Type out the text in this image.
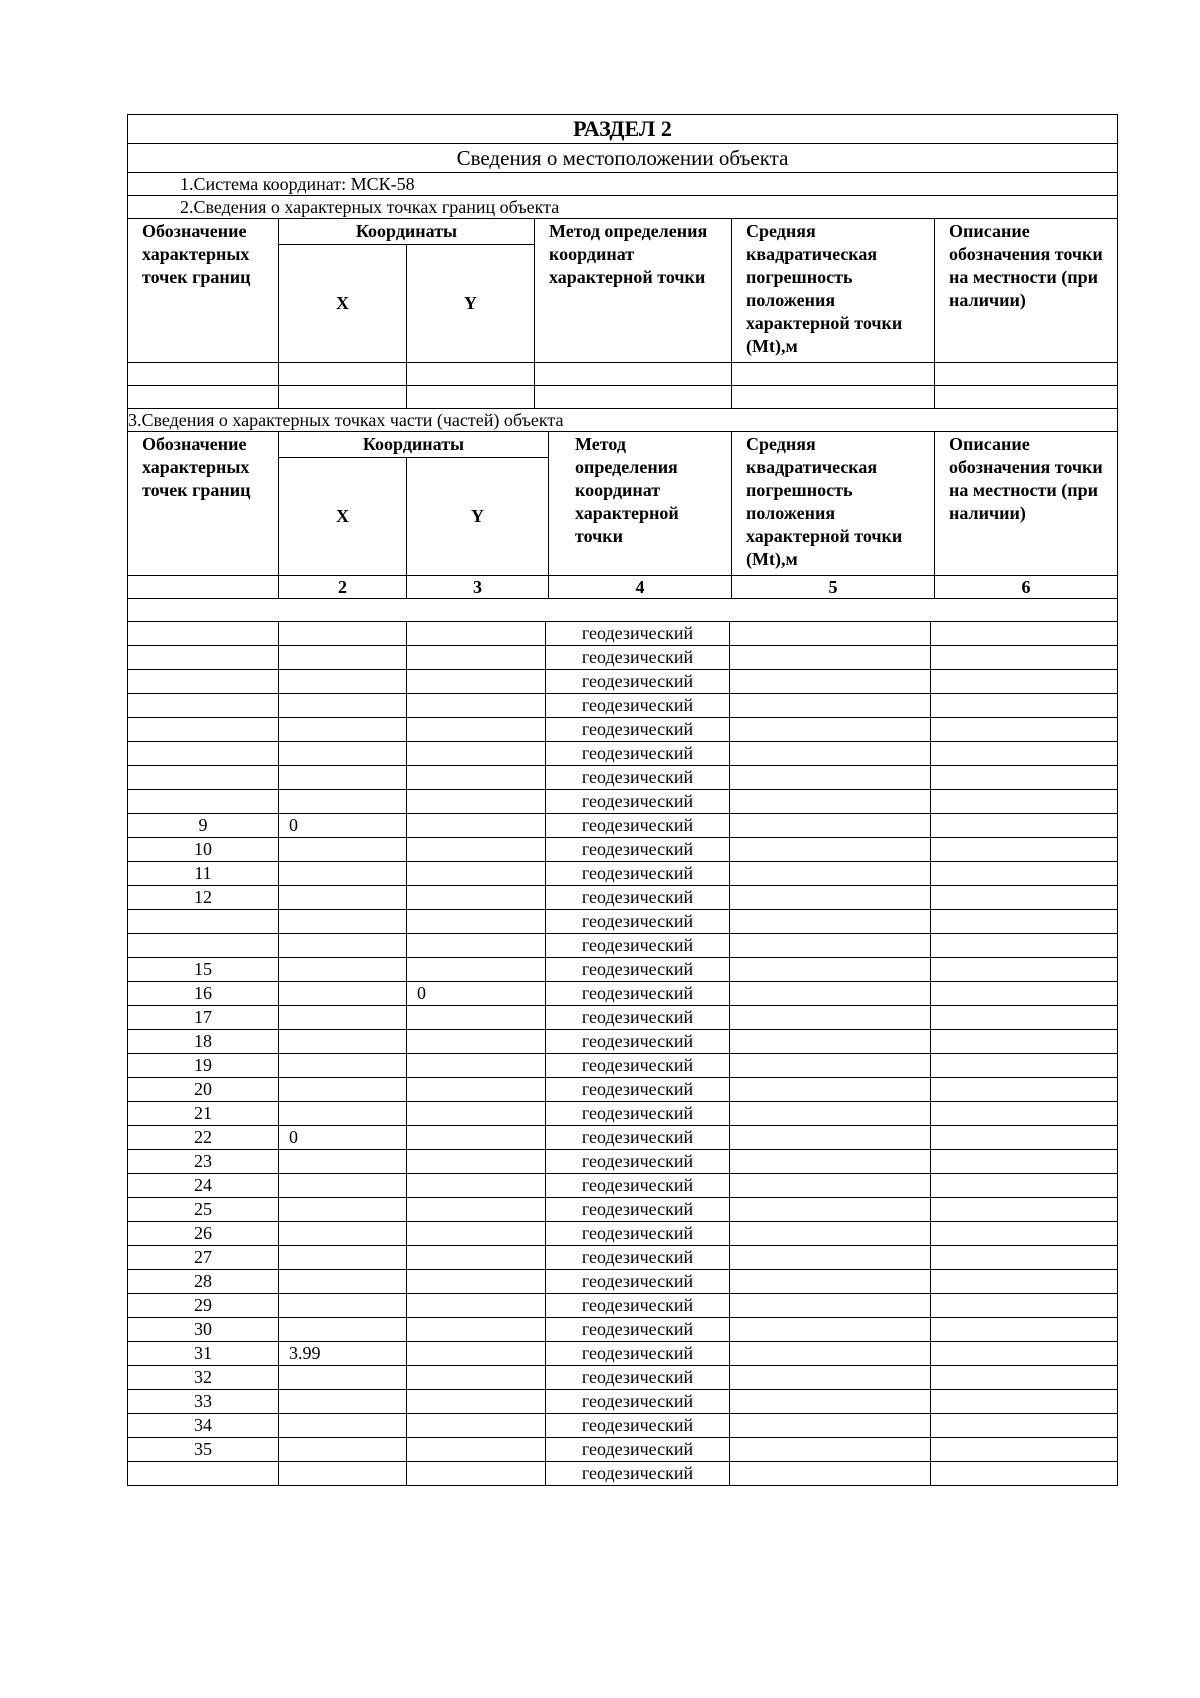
РАЗДЕЛ 2					
Сведения о местоположении объекта					
1.Система координат: МСК-58					
2.Сведения о характерных точках границ объекта					
Обозначение характерных точек границ	Координаты		Метод определения координат характерной точки	Средняя квадратическая погрешность положения характерной точки (Mt),м	Описание обозначения точки на местности (при наличии)
	X	Y			

3.Сведения о характерных точках части (частей) объекта					
Обозначение характерных точек границ	Координаты		Метод определения координат характерной точки	Средняя квадратическая погрешность положения характерной точки (Mt),м	Описание обозначения точки на местности (при наличии)
	X	Y			
	2	3	4	5	6

			геодезический		
			геодезический		
			геодезический		
			геодезический		
			геодезический		
			геодезический		
			геодезический		
			геодезический		
9	0		геодезический		
10			геодезический		
11			геодезический		
12			геодезический		
			геодезический		
			геодезический		
15			геодезический		
16		0	геодезический		
17			геодезический		
18			геодезический		
19			геодезический		
20			геодезический		
21			геодезический		
22	0		геодезический		
23			геодезический		
24			геодезический		
25			геодезический		
26			геодезический		
27			геодезический		
28			геодезический		
29			геодезический		
30			геодезический		
31	3.99		геодезический		
32			геодезический		
33			геодезический		
34			геодезический		
35			геодезический		
			геодезический		
